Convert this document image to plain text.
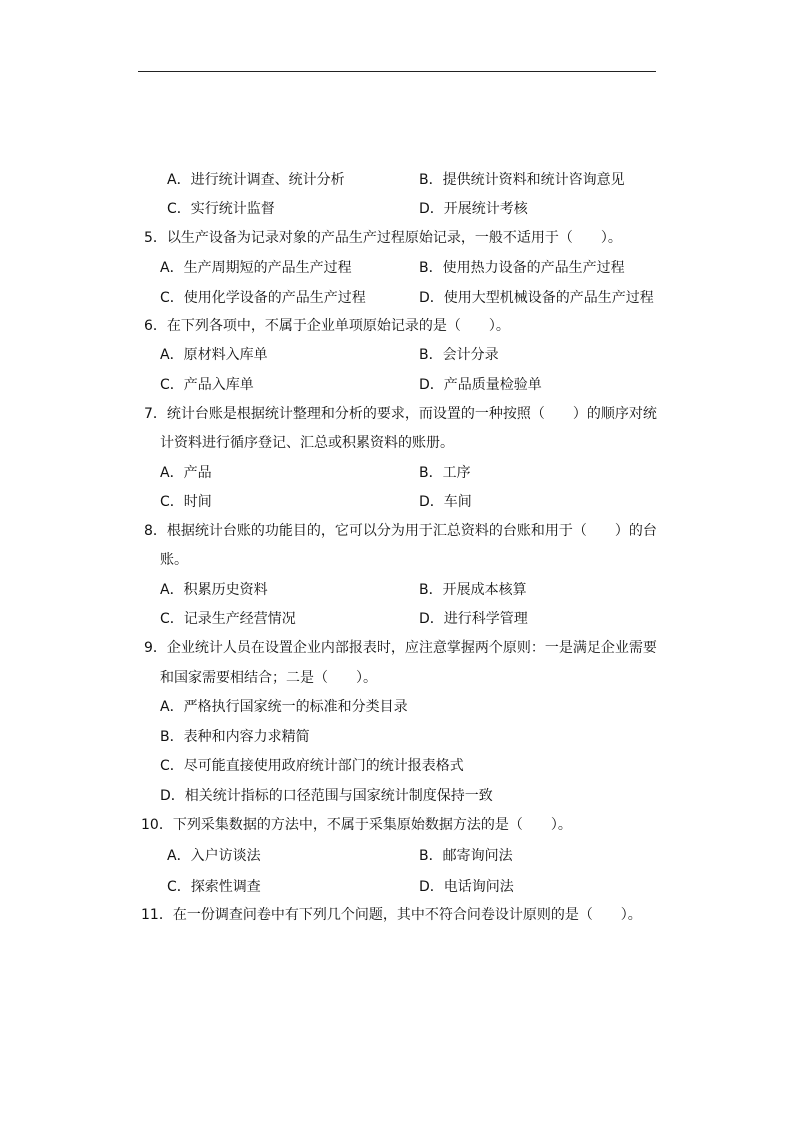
A．进行统计调查、统计分析	B．提供统计资料和统计咨询意见
C．实行统计监督	D．开展统计考核
5．以生产设备为记录对象的产品生产过程原始记录，一般不适用于（　　）。
A．生产周期短的产品生产过程	B．使用热力设备的产品生产过程
C．使用化学设备的产品生产过程	D．使用大型机械设备的产品生产过程
6．在下列各项中，不属于企业单项原始记录的是（　　）。
A．原材料入库单	B．会计分录
C．产品入库单	D．产品质量检验单
7．统计台账是根据统计整理和分析的要求，而设置的一种按照（　　）的顺序对统
计资料进行循序登记、汇总或积累资料的账册。
A．产品	B．工序
C．时间	D．车间
8．根据统计台账的功能目的，它可以分为用于汇总资料的台账和用于（　　）的台
账。
A．积累历史资料	B．开展成本核算
C．记录生产经营情况	D．进行科学管理
9．企业统计人员在设置企业内部报表时，应注意掌握两个原则：一是满足企业需要
和国家需要相结合；二是（　　）。
A．严格执行国家统一的标准和分类目录
B．表种和内容力求精简
C．尽可能直接使用政府统计部门的统计报表格式
D．相关统计指标的口径范围与国家统计制度保持一致
10．下列采集数据的方法中，不属于采集原始数据方法的是（　　）。
A．入户访谈法	B．邮寄询问法
C．探索性调查	D．电话询问法
11．在一份调查问卷中有下列几个问题，其中不符合问卷设计原则的是（　　）。
